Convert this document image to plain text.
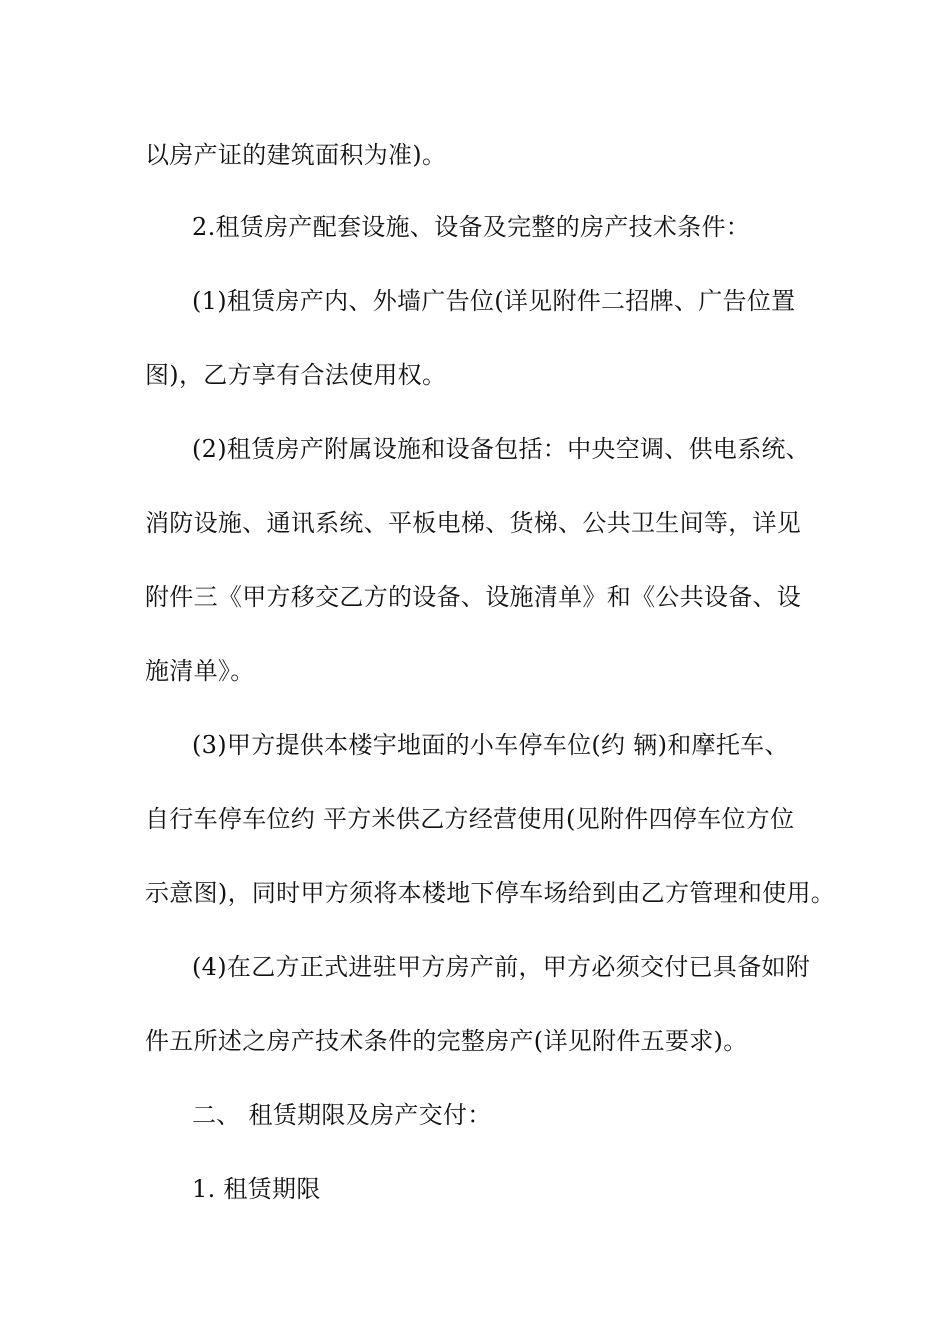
以房产证的建筑面积为准)。

2.租赁房产配套设施、设备及完整的房产技术条件：

(1)租赁房产内、外墙广告位(详见附件二招牌、广告位置

图)，乙方享有合法使用权。

(2)租赁房产附属设施和设备包括：中央空调、供电系统、

消防设施、通讯系统、平板电梯、货梯、公共卫生间等，详见

附件三《甲方移交乙方的设备、设施清单》和《公共设备、设

施清单》。

(3)甲方提供本楼宇地面的小车停车位(约 辆)和摩托车、

自行车停车位约 平方米供乙方经营使用(见附件四停车位方位

示意图)，同时甲方须将本楼地下停车场给到由乙方管理和使用。

(4)在乙方正式进驻甲方房产前，甲方必须交付已具备如附

件五所述之房产技术条件的完整房产(详见附件五要求)。

二、 租赁期限及房产交付：

1. 租赁期限
